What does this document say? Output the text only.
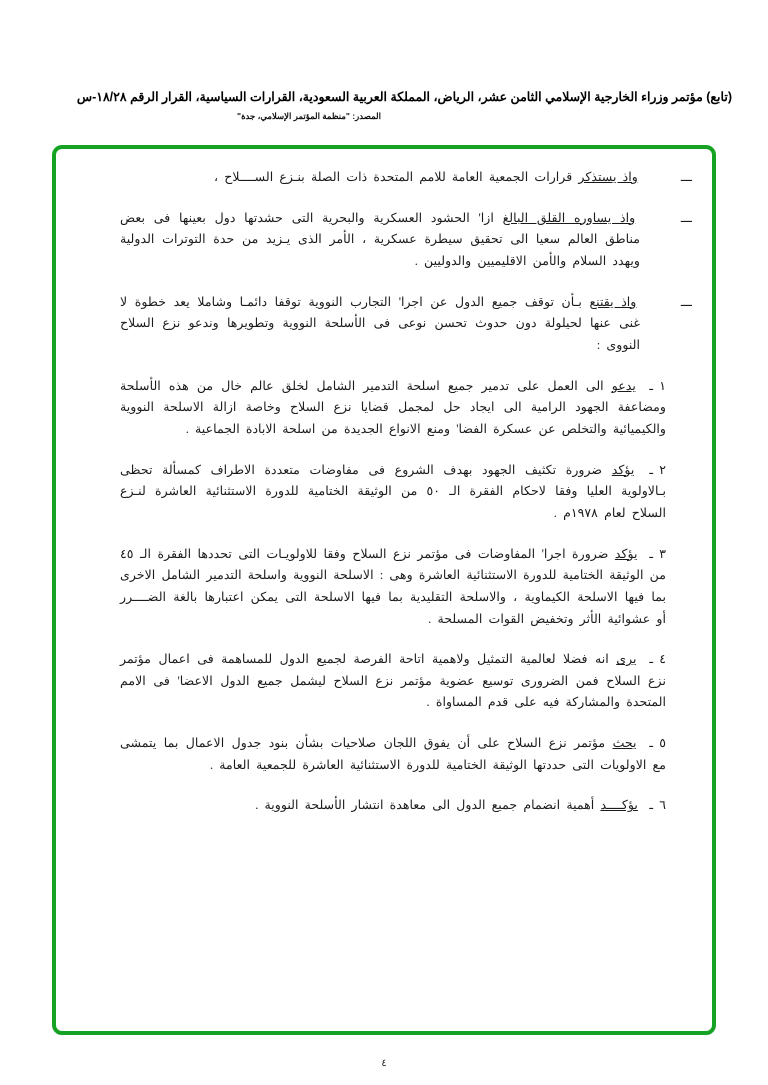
(تابع) مؤتمر وزراء الخارجية الإسلامي الثامن عشر، الرياض، المملكة العربية السعودية، القرارات السياسية، القرار الرقم ١٨/٢٨-س
المصدر: "منظمة المؤتمر الإسلامي، جدة"

ـــ واذ يستذكر قرارات الجمعية العامة للامم المتحدة ذات الصلة بنـزع الســــلاح ،

ـــ واذ يساوره القلق البالغ ازا' الحشود العسكرية والبحرية التى حشدتها دول بعينها فى بعض مناطق العالم سعيا الى تحقيق سيطرة عسكرية ، الأمر الذى يـزيد من حدة التوترات الدولية ويهدد السلام والأمن الاقليميين والدوليين .

ـــ واذ يقتنع بـأن توقف جميع الدول عن اجرا' التجارب النووية توقفا دائمـا وشاملا يعد خطوة لا غنى عنها لحيلولة دون حدوث تحسن نوعى فى الأسلحة النووية وتطويرها وندعو نزع السلاح النووى :

١ ـ يدعو الى العمل على تدمير جميع اسلحة التدمير الشامل لخلق عالم خال من هذه الأسلحة ومضاعفة الجهود الرامية الى ايجاد حل لمجمل قضايا نزع السلاح وخاصة ازالة الاسلحة النووية والكيميائية والتخلص عن عسكرة الفضا' ومنع الانواع الجديدة من اسلحة الابادة الجماعية .

٢ ـ يؤكد ضرورة تكثيف الجهود بهدف الشروع فى مفاوضات متعددة الاطراف كمسألة تحظى بـالاولوية العليا وفقا لاحكام الفقرة الـ ٥٠ من الوثيقة الختامية للدورة الاستثنائية العاشرة لنـزع السلاح لعام ١٩٧٨م .

٣ ـ يؤكد ضرورة اجرا' المفاوضات فى مؤتمر نزع السلاح وفقا للاولويـات التى تحددها الفقرة الـ ٤٥ من الوثيقة الختامية للدورة الاستثنائية العاشرة وهى : الاسلحة النووية واسلحة التدمير الشامل الاخرى بما فيها الاسلحة الكيماوية ، والاسلحة التقليدية بما فيها الاسلحة التى يمكن اعتبارها بالغة الضــــرر أو عشوائية الأثر وتخفيض القوات المسلحة .

٤ ـ يرى انه فضلا لعالمية التمثيل ولاهمية اتاحة الفرصة لجميع الدول للمساهمة فى اعمال مؤتمر نزع السلاح فمن الضرورى توسيع عضوية مؤتمر نزع السلاح ليشمل جميع الدول الاعضا' فى الامم المتحدة والمشاركة فيه على قدم المساواة .

٥ ـ يحث مؤتمر نزع السلاح على أن يفوق اللجان صلاحيات بشأن بنود جدول الاعمال بما يتمشى مع الاولويات التى حددتها الوثيقة الختامية للدورة الاستثنائية العاشرة للجمعية العامة .

٦ ـ يؤكــــد أهمية انضمام جميع الدول الى معاهدة انتشار الأسلحة النووية .

٤
